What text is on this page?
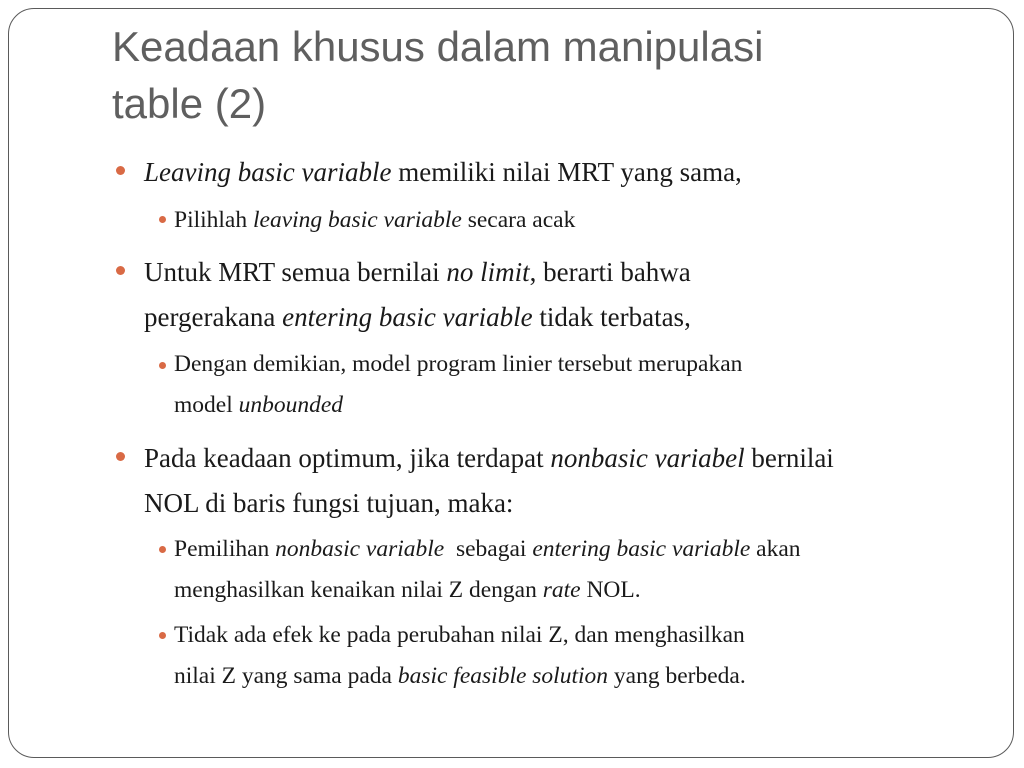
Keadaan khusus dalam manipulasi
table (2)
Leaving basic variable memiliki nilai MRT yang sama,
Pilihlah leaving basic variable secara acak
Untuk MRT semua bernilai no limit, berarti bahwa
pergerakana entering basic variable tidak terbatas,
Dengan demikian, model program linier tersebut merupakan
model unbounded
Pada keadaan optimum, jika terdapat nonbasic variabel bernilai
NOL di baris fungsi tujuan, maka:
Pemilihan nonbasic variable  sebagai entering basic variable akan
menghasilkan kenaikan nilai Z dengan rate NOL.
Tidak ada efek ke pada perubahan nilai Z, dan menghasilkan
nilai Z yang sama pada basic feasible solution yang berbeda.
